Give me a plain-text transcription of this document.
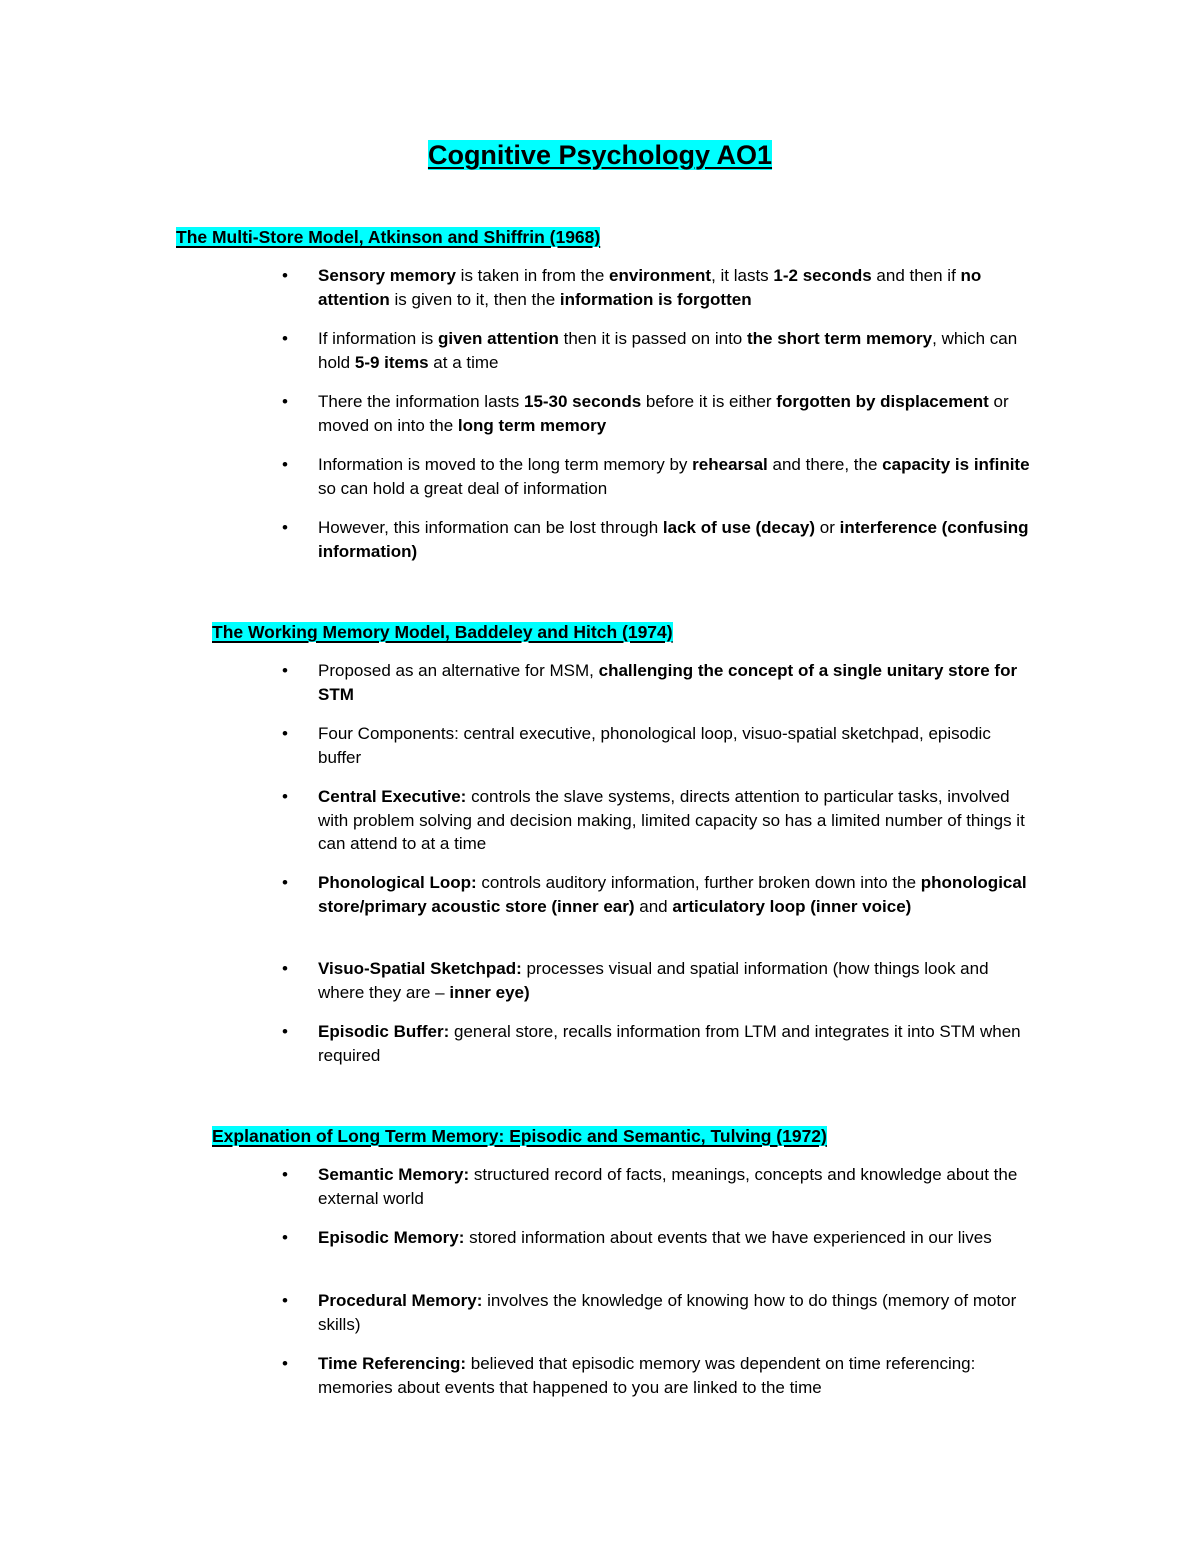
Cognitive Psychology AO1
The Multi-Store Model, Atkinson and Shiffrin (1968)
• Sensory memory is taken in from the environment, it lasts 1-2 seconds and then if no attention is given to it, then the information is forgotten
• If information is given attention then it is passed on into the short term memory, which can hold 5-9 items at a time
• There the information lasts 15-30 seconds before it is either forgotten by displacement or moved on into the long term memory
• Information is moved to the long term memory by rehearsal and there, the capacity is infinite so can hold a great deal of information
• However, this information can be lost through lack of use (decay) or interference (confusing information)
The Working Memory Model, Baddeley and Hitch (1974)
• Proposed as an alternative for MSM, challenging the concept of a single unitary store for STM
• Four Components: central executive, phonological loop, visuo-spatial sketchpad, episodic buffer
• Central Executive: controls the slave systems, directs attention to particular tasks, involved with problem solving and decision making, limited capacity so has a limited number of things it can attend to at a time
• Phonological Loop: controls auditory information, further broken down into the phonological store/primary acoustic store (inner ear) and articulatory loop (inner voice)
• Visuo-Spatial Sketchpad: processes visual and spatial information (how things look and where they are – inner eye)
• Episodic Buffer: general store, recalls information from LTM and integrates it into STM when required
Explanation of Long Term Memory: Episodic and Semantic, Tulving (1972)
• Semantic Memory: structured record of facts, meanings, concepts and knowledge about the external world
• Episodic Memory: stored information about events that we have experienced in our lives
• Procedural Memory: involves the knowledge of knowing how to do things (memory of motor skills)
• Time Referencing: believed that episodic memory was dependent on time referencing: memories about events that happened to you are linked to the time
